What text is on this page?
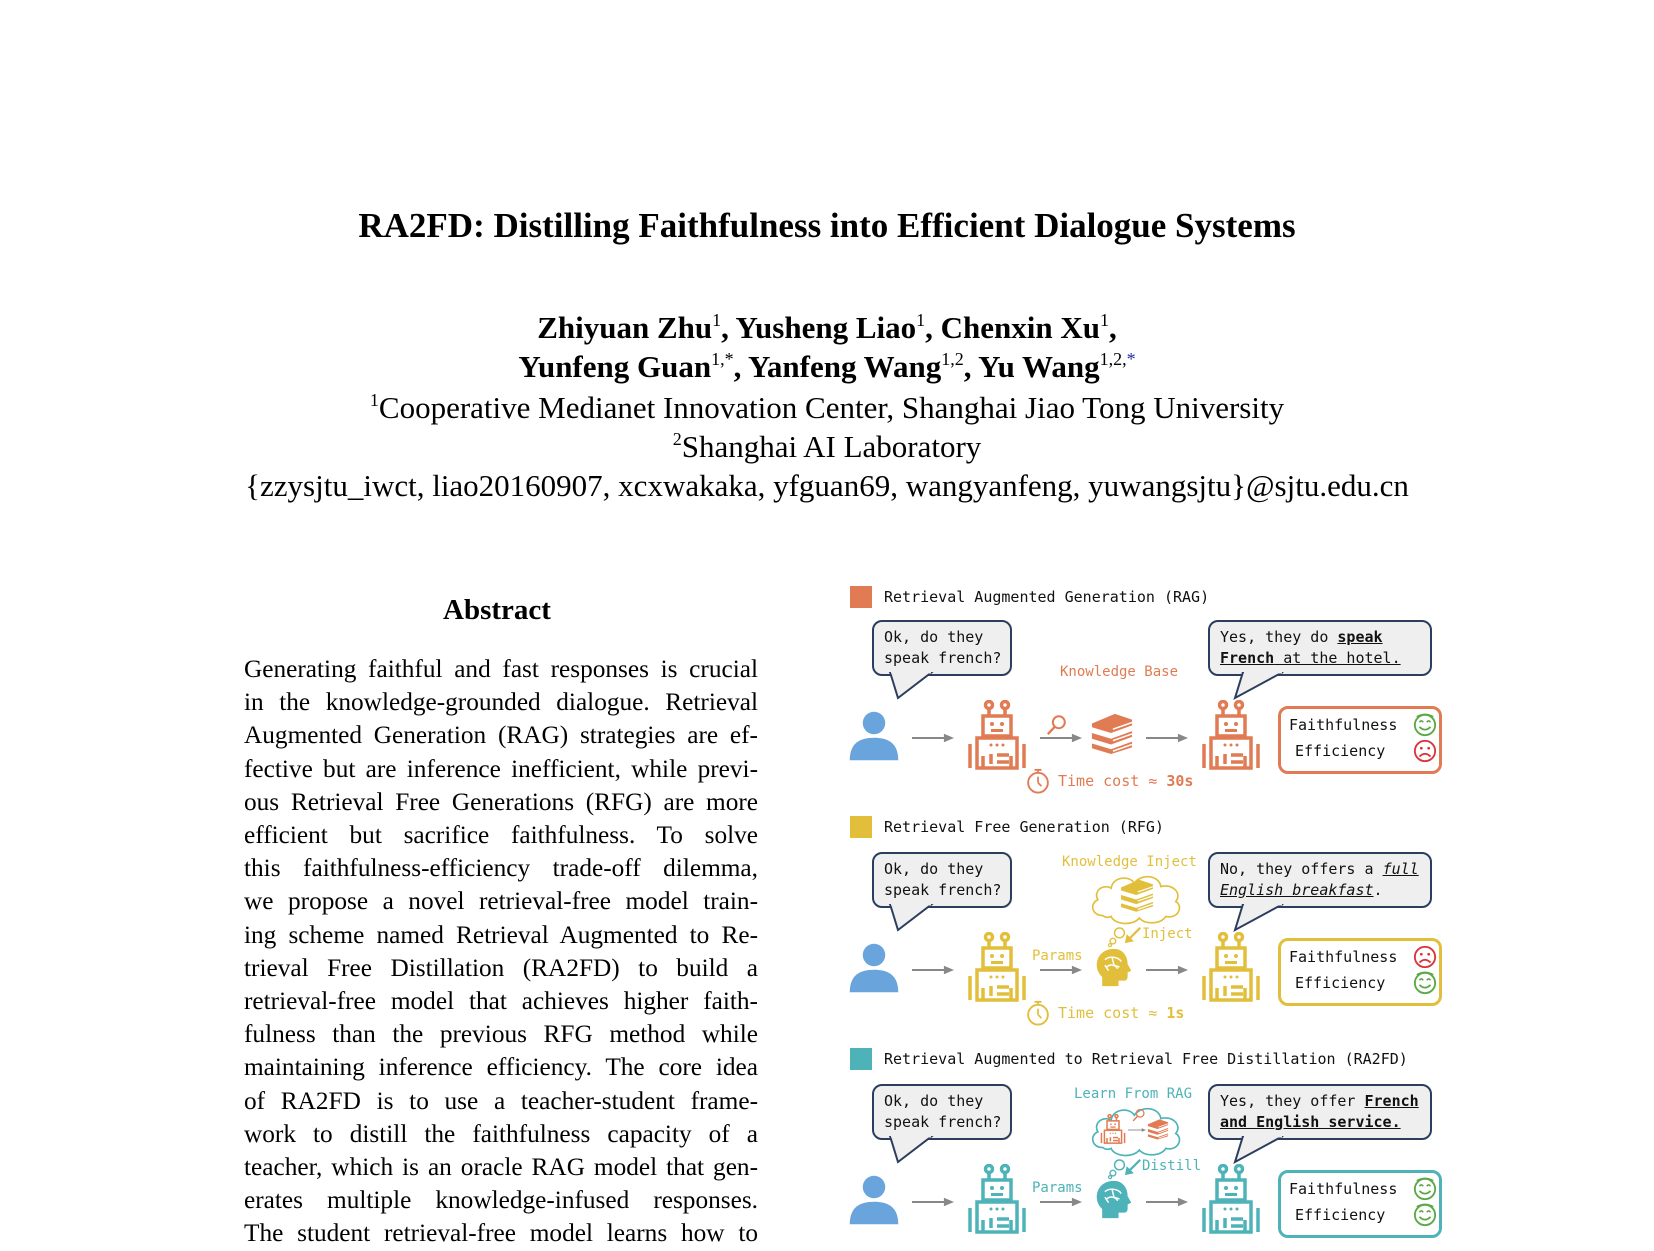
RA2FD: Distilling Faithfulness into Efficient Dialogue Systems
Zhiyuan Zhu$^1$, Yusheng Liao$^1$, Chenxin Xu$^1$,
Yunfeng Guan$^{1,*}$, Yanfeng Wang$^{1,2}$, Yu Wang$^{1,2,*}$
$^1$Cooperative Medianet Innovation Center, Shanghai Jiao Tong University
$^2$Shanghai AI Laboratory
{zzysjtu_iwct, liao20160907, xcxwakaka, yfguan69, wangyanfeng, yuwangsjtu}@sjtu.edu.cn
Abstract
Generating faithful and fast responses is crucial
in the knowledge-grounded dialogue. Retrieval
Augmented Generation (RAG) strategies are ef-
fective but are inference inefficient, while previ-
ous Retrieval Free Generations (RFG) are more
efficient but sacrifice faithfulness. To solve
this faithfulness-efficiency trade-off dilemma,
we propose a novel retrieval-free model train-
ing scheme named Retrieval Augmented to Re-
trieval Free Distillation (RA2FD) to build a
retrieval-free model that achieves higher faith-
fulness than the previous RFG method while
maintaining inference efficiency. The core idea
of RA2FD is to use a teacher-student frame-
work to distill the faithfulness capacity of a
teacher, which is an oracle RAG model that gen-
erates multiple knowledge-infused responses.
The student retrieval-free model learns how to
Retrieval Augmented Generation (RAG)
Ok, do they
speak french?
Knowledge Base
Yes, they do speak
French at the hotel.
Faithfulness
Efficiency
Time cost ≈ 30s
Retrieval Free Generation (RFG)
Ok, do they
speak french?
Knowledge Inject
Inject
Params
No, they offers a full
English breakfast.
Faithfulness
Efficiency
Time cost ≈ 1s
Retrieval Augmented to Retrieval Free Distillation (RA2FD)
Ok, do they
speak french?
Learn From RAG
Distill
Params
Yes, they offer French
and English service.
Faithfulness
Efficiency
